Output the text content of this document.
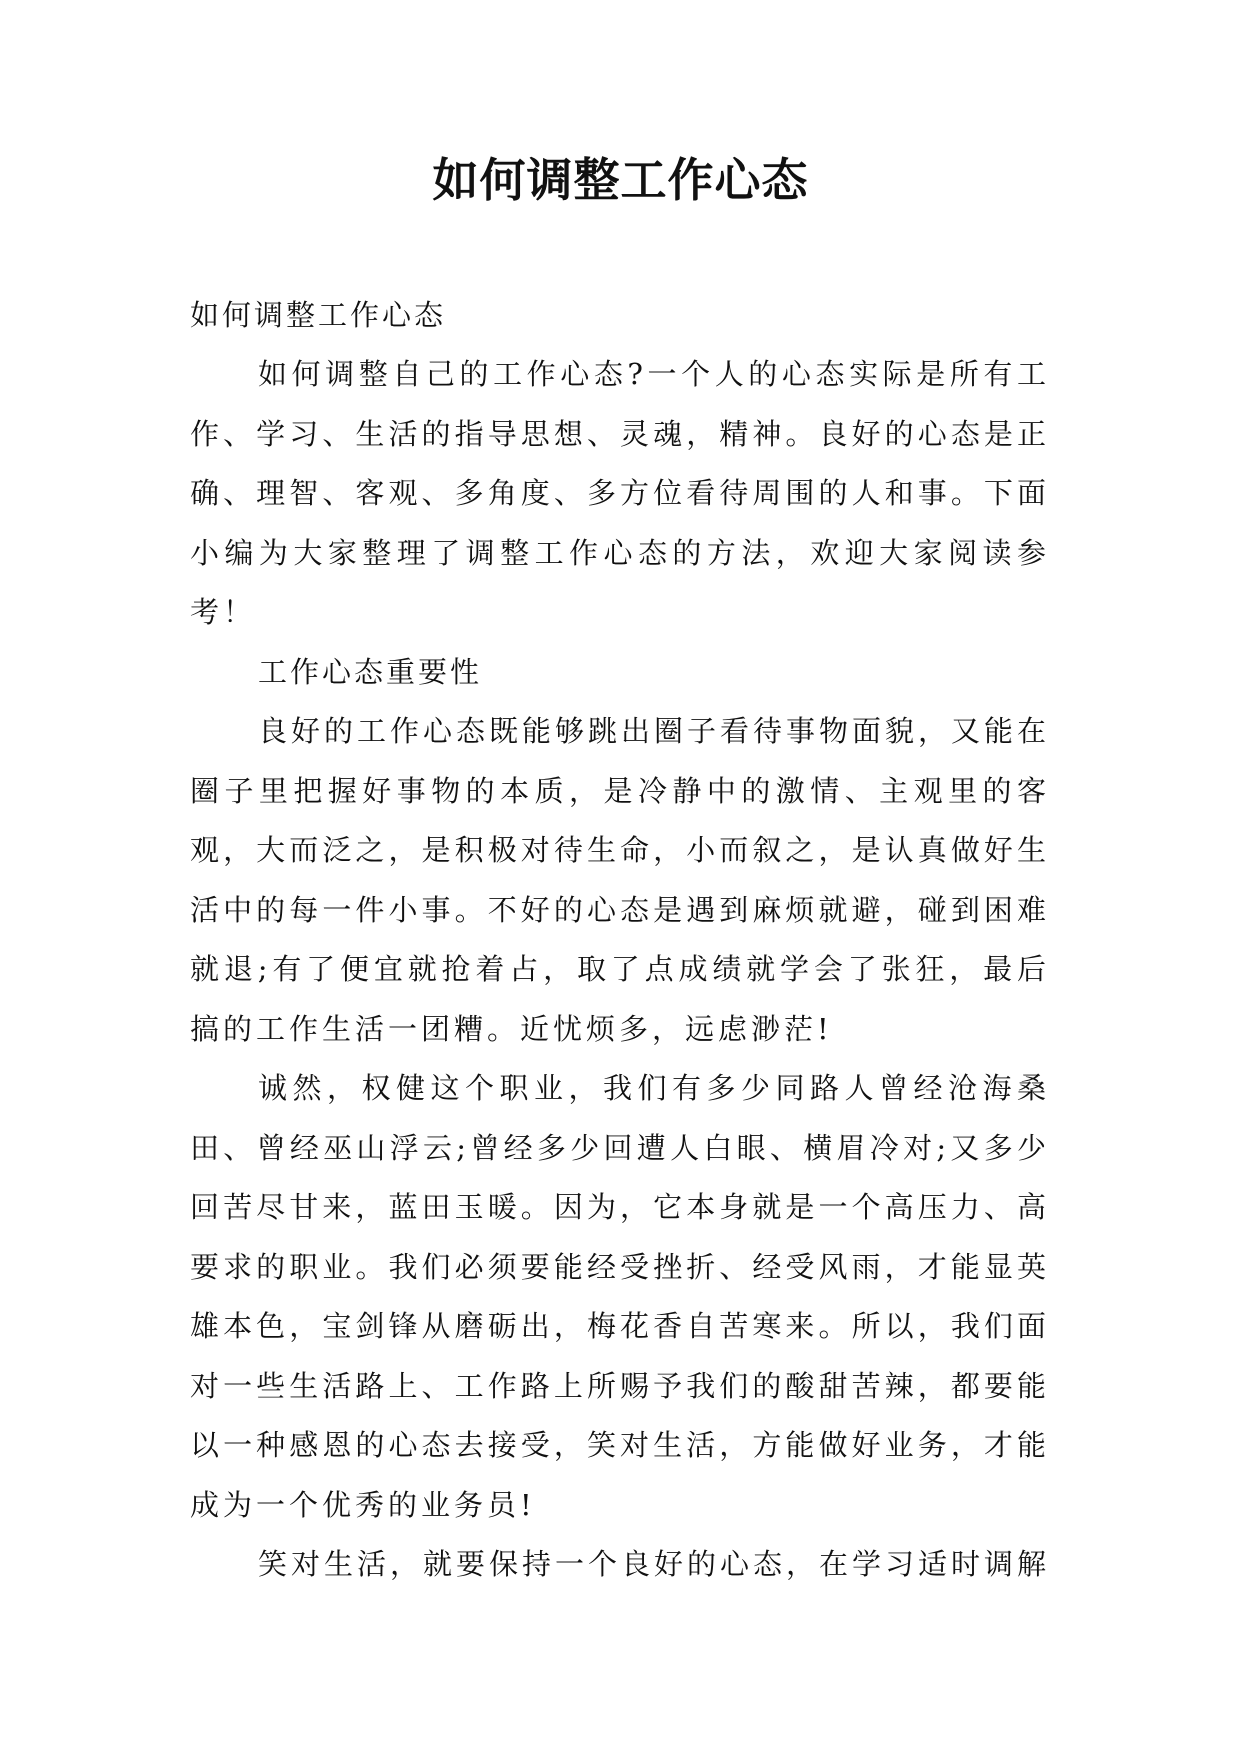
如何调整工作心态

如何调整工作心态

如何调整自己的工作心态?一个人的心态实际是所有工作、学习、生活的指导思想、灵魂，精神。良好的心态是正确、理智、客观、多角度、多方位看待周围的人和事。下面小编为大家整理了调整工作心态的方法，欢迎大家阅读参考！

工作心态重要性

良好的工作心态既能够跳出圈子看待事物面貌，又能在圈子里把握好事物的本质，是冷静中的激情、主观里的客观，大而泛之，是积极对待生命，小而叙之，是认真做好生活中的每一件小事。不好的心态是遇到麻烦就避，碰到困难就退;有了便宜就抢着占，取了点成绩就学会了张狂，最后搞的工作生活一团糟。近忧烦多，远虑渺茫!

诚然，权健这个职业，我们有多少同路人曾经沧海桑田、曾经巫山浮云;曾经多少回遭人白眼、横眉冷对;又多少回苦尽甘来，蓝田玉暖。因为，它本身就是一个高压力、高要求的职业。我们必须要能经受挫折、经受风雨，才能显英雄本色，宝剑锋从磨砺出，梅花香自苦寒来。所以，我们面对一些生活路上、工作路上所赐予我们的酸甜苦辣，都要能以一种感恩的心态去接受，笑对生活，方能做好业务，才能成为一个优秀的业务员!

笑对生活，就要保持一个良好的心态，在学习适时调解
